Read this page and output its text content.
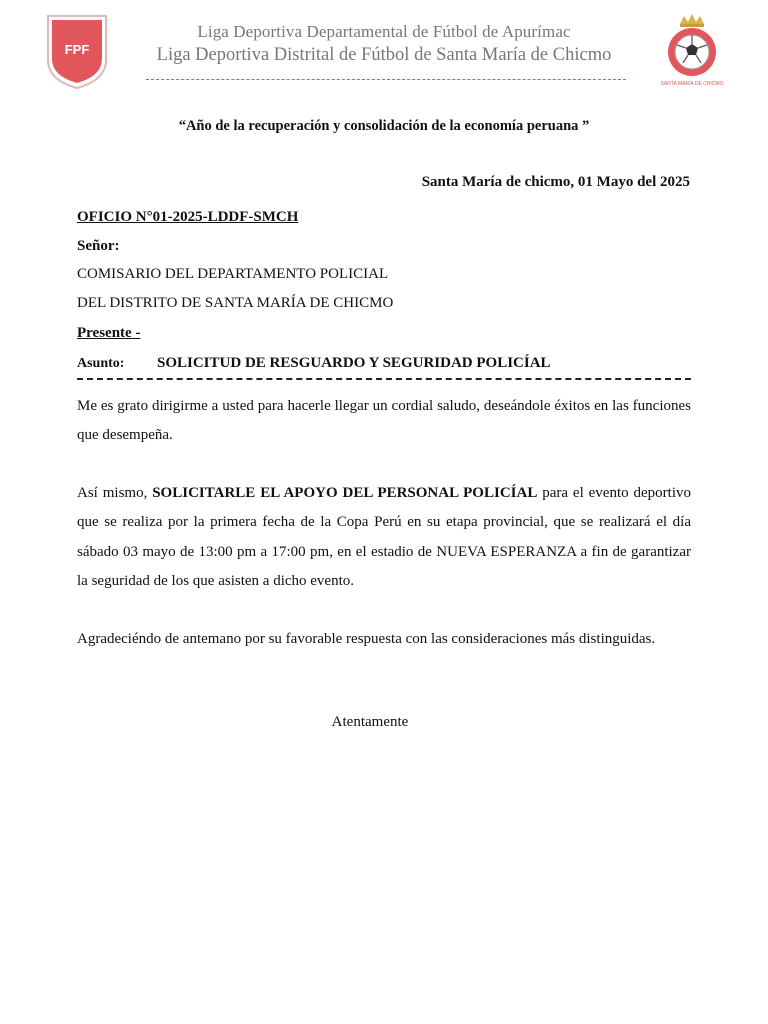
FPF
Liga Deportiva Departamental de Fútbol de Apurímac
Liga Deportiva Distrital de Fútbol de Santa María de Chicmo
SANTA MARÍA DE CHICMO
“Año de la recuperación y consolidación de la economía peruana ”
Santa María de chicmo, 01 Mayo del 2025
OFICIO N°01-2025-LDDF-SMCH
Señor:
COMISARIO DEL DEPARTAMENTO POLICIAL
DEL DISTRITO DE SANTA MARÍA DE CHICMO
Presente -
Asunto: SOLICITUD DE RESGUARDO Y SEGURIDAD POLICÍAL

Me es grato dirigirme a usted para hacerle llegar un cordial saludo, deseándole éxitos en las funciones que desempeña.

Así mismo, SOLICITARLE EL APOYO DEL PERSONAL POLICÍAL para el evento deportivo que se realiza por la primera fecha de la Copa Perú en su etapa provincial, que se realizará el día sábado 03 mayo de 13:00 pm a 17:00 pm, en el estadio de NUEVA ESPERANZA a fin de garantizar la seguridad de los que asisten a dicho evento.

Agradeciéndo de antemano por su favorable respuesta con las consideraciones más distinguidas.

Atentamente
